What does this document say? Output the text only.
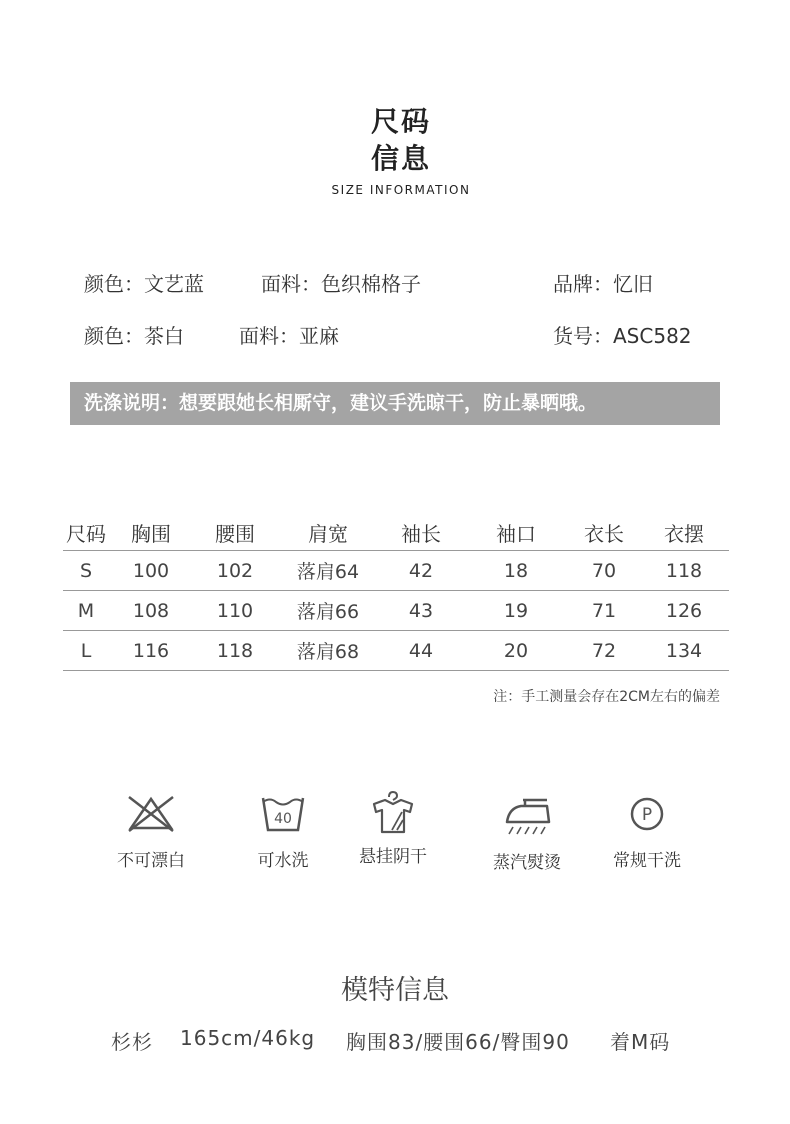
尺码
信息
SIZE INFORMATION
颜色：文艺蓝	面料：色织棉格子	品牌：忆旧
颜色：茶白	面料：亚麻	货号：ASC582
洗涤说明：想要跟她长相厮守，建议手洗晾干，防止暴晒哦。
尺码	胸围	腰围	肩宽	袖长	袖口	衣长	衣摆
S	100	102	落肩64	42	18	70	118
M	108	110	落肩66	43	19	71	126
L	116	118	落肩68	44	20	72	134
注：手工测量会存在2CM左右的偏差
不可漂白
40
可水洗	悬挂阴干	蒸汽熨烫
P
常规干洗
模特信息
杉杉 165cm/46kg 胸围83/腰围66/臀围90 着M码
